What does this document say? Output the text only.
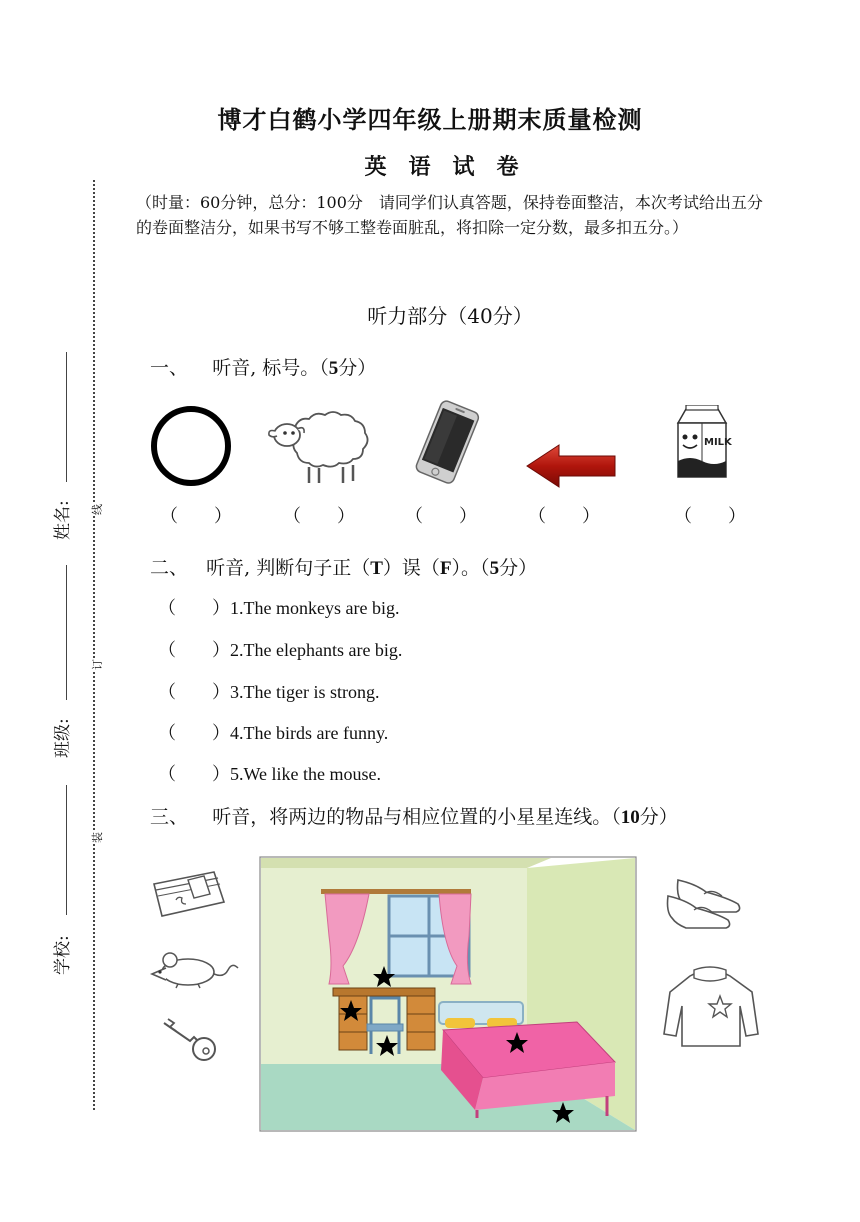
姓名:
班级:
学校:
线
订
装
博才白鹤小学四年级上册期末质量检测
英语试卷
（时量：60分钟，总分：100分　请同学们认真答题，保持卷面整洁，本次考试给出五分的卷面整洁分，如果书写不够工整卷面脏乱，将扣除一定分数，最多扣五分。）
听力部分（40分）
一、 听音, 标号。（5分）
MILK
（　　）	（　　）	（　　）	（　　）	（　　）
二、 听音, 判断句子正（T）误（F）。（5分）
（　　）1.The monkeys are big.
（　　）2.The elephants are big.
（　　）3.The tiger is strong.
（　　）4.The birds are funny.
（　　）5.We like the mouse.
三、 听音，将两边的物品与相应位置的小星星连线。（10分）
